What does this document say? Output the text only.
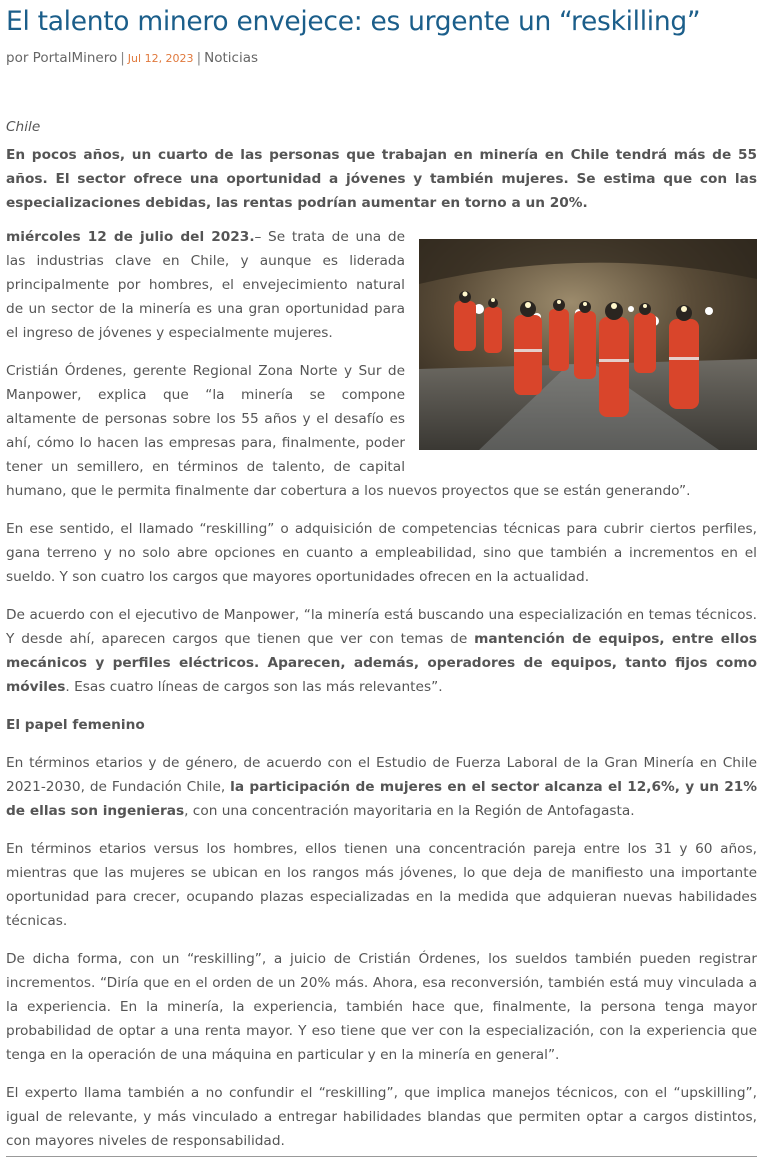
El talento minero envejece: es urgente un “reskilling”
por PortalMinero | Jul 12, 2023 | Noticias

Chile

En pocos años, un cuarto de las personas que trabajan en minería en Chile tendrá más de 55 años. El sector ofrece una oportunidad a jóvenes y también mujeres. Se estima que con las especializaciones debidas, las rentas podrían aumentar en torno a un 20%.

miércoles 12 de julio del 2023.– Se trata de una de las industrias clave en Chile, y aunque es liderada principalmente por hombres, el envejecimiento natural de un sector de la minería es una gran oportunidad para el ingreso de jóvenes y especialmente mujeres.

Cristián Órdenes, gerente Regional Zona Norte y Sur de Manpower, explica que “la minería se compone altamente de personas sobre los 55 años y el desafío es ahí, cómo lo hacen las empresas para, finalmente, poder tener un semillero, en términos de talento, de capital humano, que le permita finalmente dar cobertura a los nuevos proyectos que se están generando”.

En ese sentido, el llamado “reskilling” o adquisición de competencias técnicas para cubrir ciertos perfiles, gana terreno y no solo abre opciones en cuanto a empleabilidad, sino que también a incrementos en el sueldo. Y son cuatro los cargos que mayores oportunidades ofrecen en la actualidad.

De acuerdo con el ejecutivo de Manpower, “la minería está buscando una especialización en temas técnicos. Y desde ahí, aparecen cargos que tienen que ver con temas de mantención de equipos, entre ellos mecánicos y perfiles eléctricos. Aparecen, además, operadores de equipos, tanto fijos como móviles. Esas cuatro líneas de cargos son las más relevantes”.

El papel femenino

En términos etarios y de género, de acuerdo con el Estudio de Fuerza Laboral de la Gran Minería en Chile 2021-2030, de Fundación Chile, la participación de mujeres en el sector alcanza el 12,6%, y un 21% de ellas son ingenieras, con una concentración mayoritaria en la Región de Antofagasta.

En términos etarios versus los hombres, ellos tienen una concentración pareja entre los 31 y 60 años, mientras que las mujeres se ubican en los rangos más jóvenes, lo que deja de manifiesto una importante oportunidad para crecer, ocupando plazas especializadas en la medida que adquieran nuevas habilidades técnicas.

De dicha forma, con un “reskilling”, a juicio de Cristián Órdenes, los sueldos también pueden registrar incrementos. “Diría que en el orden de un 20% más. Ahora, esa reconversión, también está muy vinculada a la experiencia. En la minería, la experiencia, también hace que, finalmente, la persona tenga mayor probabilidad de optar a una renta mayor. Y eso tiene que ver con la especialización, con la experiencia que tenga en la operación de una máquina en particular y en la minería en general”.

El experto llama también a no confundir el “reskilling”, que implica manejos técnicos, con el “upskilling”, igual de relevante, y más vinculado a entregar habilidades blandas que permiten optar a cargos distintos, con mayores niveles de responsabilidad.
